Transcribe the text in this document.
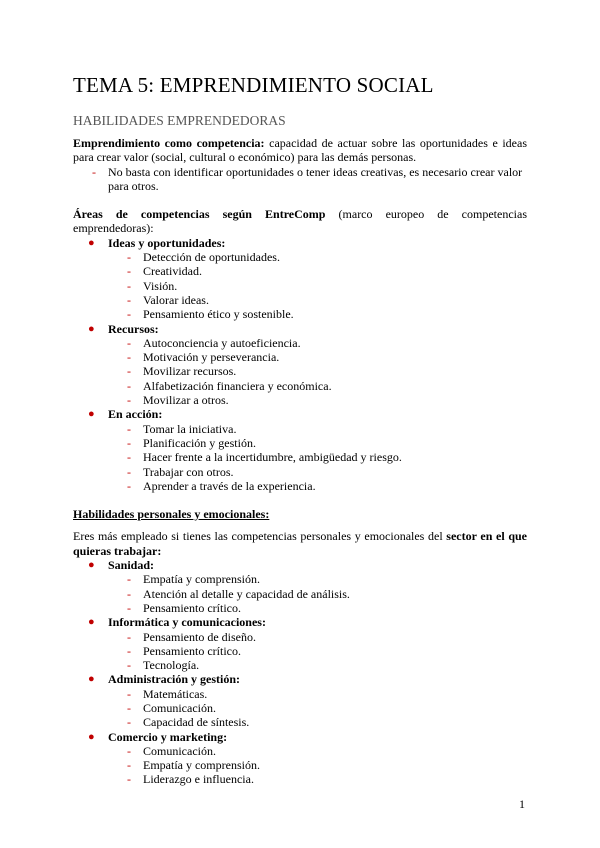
TEMA 5: EMPRENDIMIENTO SOCIAL
HABILIDADES EMPRENDEDORAS

Emprendimiento como competencia: capacidad de actuar sobre las oportunidades e ideas para crear valor (social, cultural o económico) para las demás personas.

- No basta con identificar oportunidades o tener ideas creativas, es necesario crear valor para otros.

Áreas de competencias según EntreComp (marco europeo de competencias emprendedoras):

● Ideas y oportunidades:
- Detección de oportunidades.
- Creatividad.
- Visión.
- Valorar ideas.
- Pensamiento ético y sostenible.
● Recursos:
- Autoconciencia y autoeficiencia.
- Motivación y perseverancia.
- Movilizar recursos.
- Alfabetización financiera y económica.
- Movilizar a otros.
● En acción:
- Tomar la iniciativa.
- Planificación y gestión.
- Hacer frente a la incertidumbre, ambigüedad y riesgo.
- Trabajar con otros.
- Aprender a través de la experiencia.

Habilidades personales y emocionales:

Eres más empleado si tienes las competencias personales y emocionales del sector en el que quieras trabajar:

● Sanidad:
- Empatía y comprensión.
- Atención al detalle y capacidad de análisis.
- Pensamiento crítico.
● Informática y comunicaciones:
- Pensamiento de diseño.
- Pensamiento crítico.
- Tecnología.
● Administración y gestión:
- Matemáticas.
- Comunicación.
- Capacidad de síntesis.
● Comercio y marketing:
- Comunicación.
- Empatía y comprensión.
- Liderazgo e influencia.
1
